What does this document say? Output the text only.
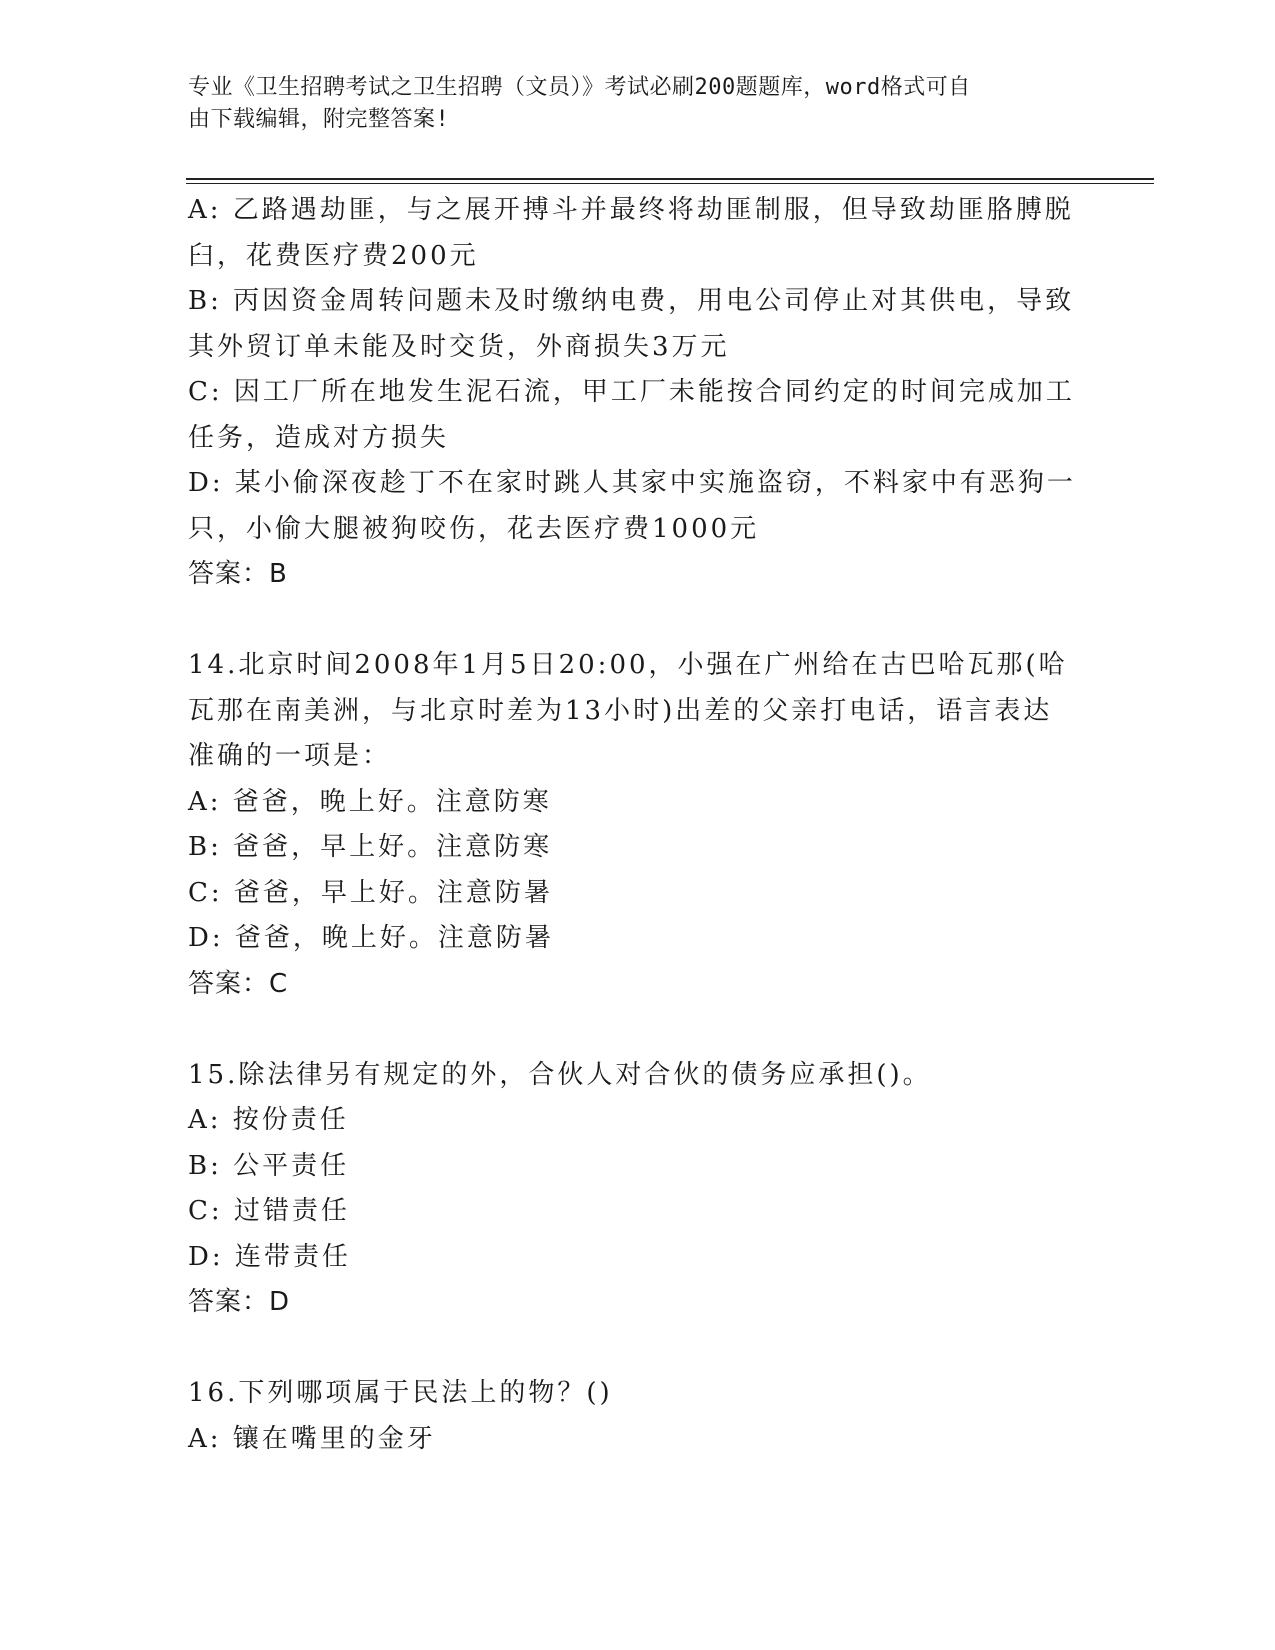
专业《卫生招聘考试之卫生招聘（文员）》考试必刷200题题库，word格式可自
由下载编辑，附完整答案!
A: 乙路遇劫匪，与之展开搏斗并最终将劫匪制服，但导致劫匪胳膊脱
臼，花费医疗费200元
B: 丙因资金周转问题未及时缴纳电费，用电公司停止对其供电，导致
其外贸订单未能及时交货，外商损失3万元
C: 因工厂所在地发生泥石流，甲工厂未能按合同约定的时间完成加工
任务，造成对方损失
D: 某小偷深夜趁丁不在家时跳人其家中实施盗窃，不料家中有恶狗一
只，小偷大腿被狗咬伤，花去医疗费1000元
答案：B
14.北京时间2008年1月5日20:00，小强在广州给在古巴哈瓦那(哈
瓦那在南美洲，与北京时差为13小时)出差的父亲打电话，语言表达
准确的一项是：
A: 爸爸，晚上好。注意防寒
B: 爸爸，早上好。注意防寒
C: 爸爸，早上好。注意防暑
D: 爸爸，晚上好。注意防暑
答案：C
15.除法律另有规定的外，合伙人对合伙的债务应承担()。
A: 按份责任
B: 公平责任
C: 过错责任
D: 连带责任
答案：D
16.下列哪项属于民法上的物？()
A: 镶在嘴里的金牙
